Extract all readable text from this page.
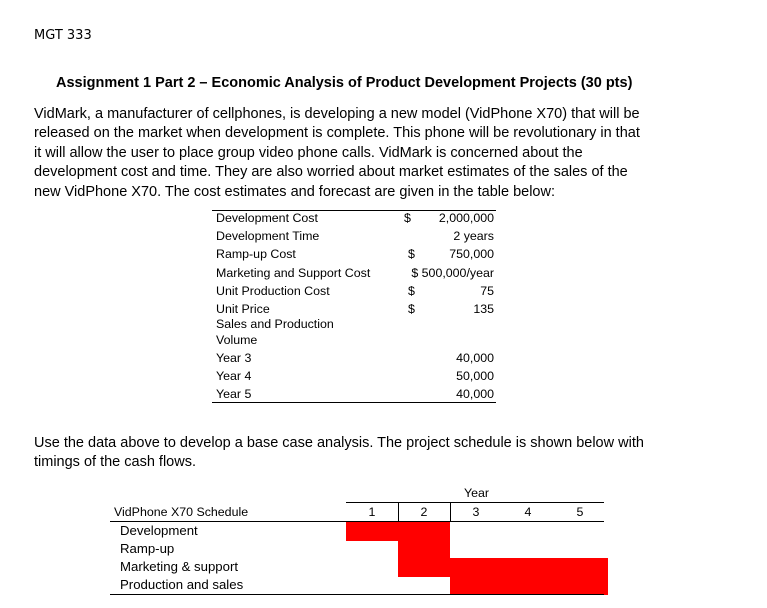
MGT 333
Assignment 1 Part 2 – Economic Analysis of Product Development Projects (30 pts)
VidMark, a manufacturer of cellphones, is developing a new model (VidPhone X70) that will be
released on the market when development is complete. This phone will be revolutionary in that
it will allow the user to place group video phone calls. VidMark is concerned about the
development cost and time. They are also worried about market estimates of the sales of the
new VidPhone X70. The cost estimates and forecast are given in the table below:
Development Cost	$ 2,000,000
Development Time	2 years
Ramp-up Cost	$	750,000
Marketing and Support Cost	$ 500,000/year
Unit Production Cost	$	75
Unit Price	$	135
Sales and Production
Volume
Year 3	40,000
Year 4	50,000
Year 5	40,000
Use the data above to develop a base case analysis. The project schedule is shown below with
timings of the cash flows.
Year
VidPhone X70 Schedule	1	2	3	4	5
Development
Ramp-up
Marketing & support
Production and sales
